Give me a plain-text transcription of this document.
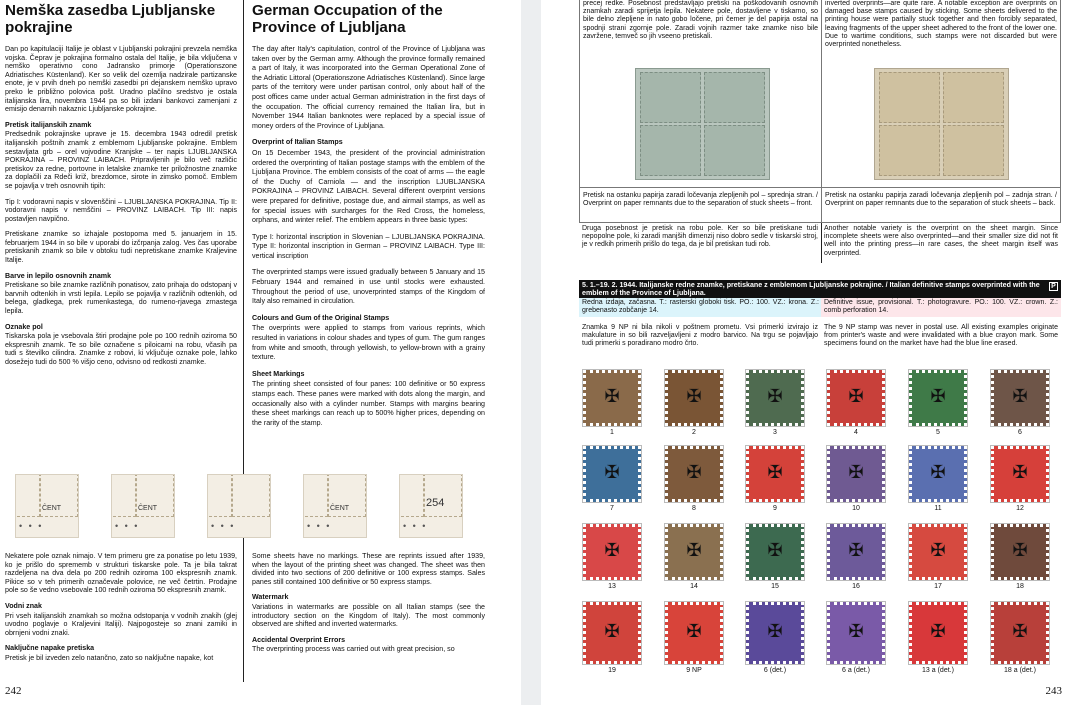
Nemška zasedba Ljubljanske pokrajine
German Occupation of the Province of Ljubljana

Dan po kapitulaciji Italije je oblast v Ljubljanski pokrajini prevzela nemška vojska. Čeprav je pokrajina formalno ostala del Italije, je bila vključena v nemško operativno cono Jadransko primorje (Operationszone Adriatisches Küstenland). Ker so velik del ozemlja nadzirale partizanske enote, je v prvih dneh po nemški zasedbi pri dejanskem nemško upravo preko le približno polovica pošt. Uradno plačilno sredstvo je ostala italijanska lira, novembra 1944 pa so bili izdani bankovci zamenjani z emisijo denarnih nakaznic Ljubljanske pokrajine.

Pretisk italijanskih znamk

Predsednik pokrajinske uprave je 15. decembra 1943 odredil pretisk italijanskih poštnih znamk z emblemom Ljubljanske pokrajine. Emblem sestavljata grb – orel vojvodine Kranjske – ter napis LJUBLJANSKA POKRAJINA – PROVINZ LAIBACH. Pripravljenih je bilo več različic pretiskov za redne, portovne in letalske znamke ter priložnostne znamke za doplačili za Rdeči križ, brezdomce, sirote in zimsko pomoč. Emblem se pojavlja v treh osnovnih tipih:

Tip I: vodoravni napis v slovenščini – LJUBLJANSKA POKRAJINA. Tip II: vodoravni napis v nemščini – PROVINZ LAIBACH. Tip III: napis postavljen navpično.

Pretiskane znamke so izhajale postopoma med 5. januarjem in 15. februarjem 1944 in so bile v uporabi do izčrpanja zalog. Ves čas uporabe pretiskanih znamk so bile v obtoku tudi nepretiskane znamke Kraljevine Italije.

Barve in lepilo osnovnih znamk

Pretiskane so bile znamke različnih ponatisov, zato prihaja do odstopanj v barvnih odtenkih in vrsti lepila. Lepilo se pojavlja v različnih odtenkih, od belega, gladkega, prek rumenkastega, do rumeno-rjavega zrnastega lepila.

Oznake pol

Tiskarska pola je vsebovala štiri prodajne pole po 100 rednih oziroma 50 ekspresnih znamk. Te so bile označene s piloicami na robu, včasih pa tudi s številko cilindra. Znamke z robovi, ki vključuje oznake pole, lahko dosežejo tudi do 500 % višjo ceno, odvisno od redkosti znamke.

The day after Italy's capitulation, control of the Province of Ljubljana was taken over by the German army. Although the province formally remained a part of Italy, it was incorporated into the German Operational Zone of the Adriatic Littoral (Operationszone Adriatisches Küstenland). Since large parts of the territory were under partisan control, only about half of the post offices came under actual German administration in the first days of the occupation. The official currency remained the Italian lira, but in November 1944 Italian banknotes were replaced by a special issue of money orders of the Province of Ljubljana.

Overprint of Italian Stamps

On 15 December 1943, the president of the provincial administration ordered the overprinting of Italian postage stamps with the emblem of the Ljubljana Province. The emblem consists of the coat of arms — the eagle of the Duchy of Carniola — and the inscription LJUBLJANSKA POKRAJINA – PROVINZ LAIBACH. Several different overprint versions were prepared for definitive, postage due, and airmail stamps, as well as for special issues with surcharges for the Red Cross, the homeless, orphans, and winter relief. The emblem appears in three basic types:

Type I: horizontal inscription in Slovenian – LJUBLJANSKA POKRAJINA. Type II: horizontal inscription in German – PROVINZ LAIBACH. Type III: vertical inscription

The overprinted stamps were issued gradually between 5 January and 15 February 1944 and remained in use until stocks were exhausted. Throughout the period of use, unoverprinted stamps of the Kingdom of Italy also remained in circulation.

Colours and Gum of the Original Stamps

The overprints were applied to stamps from various reprints, which resulted in variations in colour shades and types of gum. The gum ranges from white and smooth, through yellowish, to yellow-brown with a grainy texture.

Sheet Markings

The printing sheet consisted of four panes: 100 definitive or 50 express stamps each. These panes were marked with dots along the margin, and occasionally also with a cylinder number. Stamps with margins bearing these sheet markings can reach up to 500% higher prices, depending on the rarity of the stamp.

• • •
ĈENT
• • •
ĈENT
• • •	• • •
ĈENT
• • •
254

Nekatere pole oznak nimajo. V tem primeru gre za ponatise po letu 1939, ko je prišlo do sprememb v strukturi tiskarske pole. Ta je bila takrat razdeljena na dva dela po 200 rednih oziroma 100 ekspresnih znamk. Pikice so v teh primerih označevale polovice, ne več četrtin. Prodajne pole so še vedno vsebovale 100 rednih oziroma 50 ekspresnih znamk.

Vodni znak

Pri vseh italijanskih znamkah so možna odstopanja v vodnih znakih (glej uvodno poglavje o Kraljevini Italiji). Najpogosteje so znani zamiki in obrnjeni vodni znaki.

Naključne napake pretiska

Pretisk je bil izveden zelo natančno, zato so naključne napake, kot

Some sheets have no markings. These are reprints issued after 1939, when the layout of the printing sheet was changed. The sheet was then divided into two sections of 200 definitive or 100 express stamps. Sales panes still contained 100 definitive or 50 express stamps.

Watermark

Variations in watermarks are possible on all Italian stamps (see the introductory section on the Kingdom of Italy). The most commonly observed are shifted and inverted watermarks.

Accidental Overprint Errors

The overprinting process was carried out with great precision, so

242
precej redke. Posebnost predstavljajo pretiski na poškodovanih osnovnih znamkah zaradi sprijetja lepila. Nekatere pole, dostavljene v tiskarno, so bile delno zlepljene in nato gobo ločene, pri čemer je del papirja ostal na spodnji strani zgornje pole. Zaradi vojnih razmer take znamke niso bile zavržene, temveč so jih vseeno pretiskali.
inverted overprints—are quite rare. A notable exception are overprints on damaged base stamps caused by sticking. Some sheets delivered to the printing house were partially stuck together and then forcibly separated, leaving fragments of the upper sheet adhered to the front of the lower one. Due to wartime conditions, such stamps were not discarded but were overprinted nonetheless.
Pretisk na ostanku papirja zaradi ločevanja zlepljenih pol – sprednja stran. / Overprint on paper remnants due to the separation of stuck sheets – front.
Pretisk na ostanku papirja zaradi ločevanja zlepljenih pol – zadnja stran. / Overprint on paper remnants due to the separation of stuck sheets – back.
Druga posebnost je pretisk na robu pole. Ker so bile pretiskane tudi nepopolne pole, ki zaradi manjših dimenzij niso dobro sedle v tiskarski stroj, je v redkih primerih prišlo do tega, da je bil pretiskan tudi rob.
Another notable variety is the overprint on the sheet margin. Since incomplete sheets were also overprinted—and their smaller size did not fit well into the printing press—in rare cases, the sheet margin itself was overprinted.
5. 1.–19. 2. 1944. Italijanske redne znamke, pretiskane z emblemom Ljubljanske pokrajine. / Italian definitive stamps overprinted with the emblem of the Province of Ljubljana.
P
Redna izdaja, začasna. T.: rasterski globoki tisk. PO.: 100. VZ.: krona. Z.: grebenasto zobčanje 14.
Definitive issue, provisional. T.: photogravure. PO.: 100. VZ.: crown. Z.: comb perforation 14.
Znamka 9 NP ni bila nikoli v poštnem prometu. Vsi primerki izvirajo iz makulature in so bili razveljavljeni z modro barvico. Na trgu se pojavljajo tudi primerki s poradirano modro črto.
The 9 NP stamp was never in postal use. All existing examples originate from printer's waste and were invalidated with a blue crayon mark. Some specimens found on the market have had the blue line erased.
✠
1
✠
2
✠
3
✠
4
✠
5
✠
6
✠
7
✠
8
✠
9
✠
10
✠
11
✠
12
✠
13
✠
14
✠
15
✠
16
✠
17
✠
18
✠
19
✠
9 NP
✠
6 (det.)
✠
6 a (det.)
✠
13 a (det.)
✠
18 a (det.)
243
